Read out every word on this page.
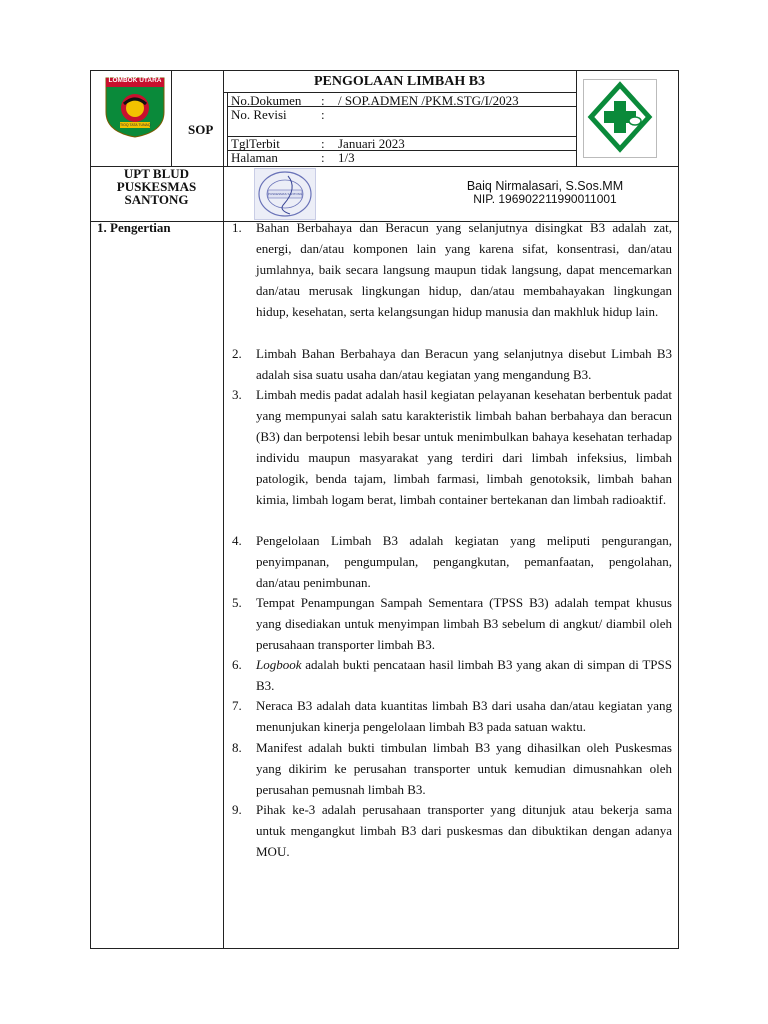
LOMBOK UTARA
TIOQ TATA TUNAQ	SOP
PENGOLAAN LIMBAH B3
No.Dokumen : / SOP.ADMEN /PKM.STG/I/2023
No. Revisi	:
TglTerbit	: Januari 2023
Halaman	: 1/3
UPT BLUD
PUSKESMAS
SANTONG	PUSKESMAS SANTONG
Baiq Nirmalasari, S.Sos.MM
NIP. 196902211990011001
1. Pengertian	1. Bahan Berbahaya dan Beracun yang selanjutnya disingkat B3 adalah zat, energi, dan/atau komponen lain yang karena sifat, konsentrasi, dan/atau jumlahnya, baik secara langsung maupun tidak langsung, dapat mencemarkan dan/atau merusak lingkungan hidup, dan/atau membahayakan lingkungan hidup, kesehatan, serta kelangsungan hidup manusia dan makhluk hidup lain.
2. Limbah Bahan Berbahaya dan Beracun yang selanjutnya disebut Limbah B3 adalah sisa suatu usaha dan/atau kegiatan yang mengandung B3.
3. Limbah medis padat adalah hasil kegiatan pelayanan kesehatan berbentuk padat yang mempunyai salah satu karakteristik limbah bahan berbahaya dan beracun (B3) dan berpotensi lebih besar untuk menimbulkan bahaya kesehatan terhadap individu maupun masyarakat yang terdiri dari limbah infeksius, limbah patologik, benda tajam, limbah farmasi, limbah genotoksik, limbah bahan kimia, limbah logam berat, limbah container bertekanan dan limbah radioaktif.
4. Pengelolaan Limbah B3 adalah kegiatan yang meliputi pengurangan, penyimpanan, pengumpulan, pengangkutan, pemanfaatan, pengolahan, dan/atau penimbunan.
5. Tempat Penampungan Sampah Sementara (TPSS B3) adalah tempat khusus yang disediakan untuk menyimpan limbah B3 sebelum di angkut/ diambil oleh perusahaan transporter limbah B3.
6. Logbook adalah bukti pencataan hasil limbah B3 yang akan di simpan di TPSS B3.
7. Neraca B3 adalah data kuantitas limbah B3 dari usaha dan/atau kegiatan yang menunjukan kinerja pengelolaan limbah B3 pada satuan waktu.
8. Manifest adalah bukti timbulan limbah B3 yang dihasilkan oleh Puskesmas yang dikirim ke perusahan transporter untuk kemudian dimusnahkan oleh perusahan pemusnah limbah B3.
9. Pihak ke-3 adalah perusahaan transporter yang ditunjuk atau bekerja sama untuk mengangkut limbah B3 dari puskesmas dan dibuktikan dengan adanya MOU.
